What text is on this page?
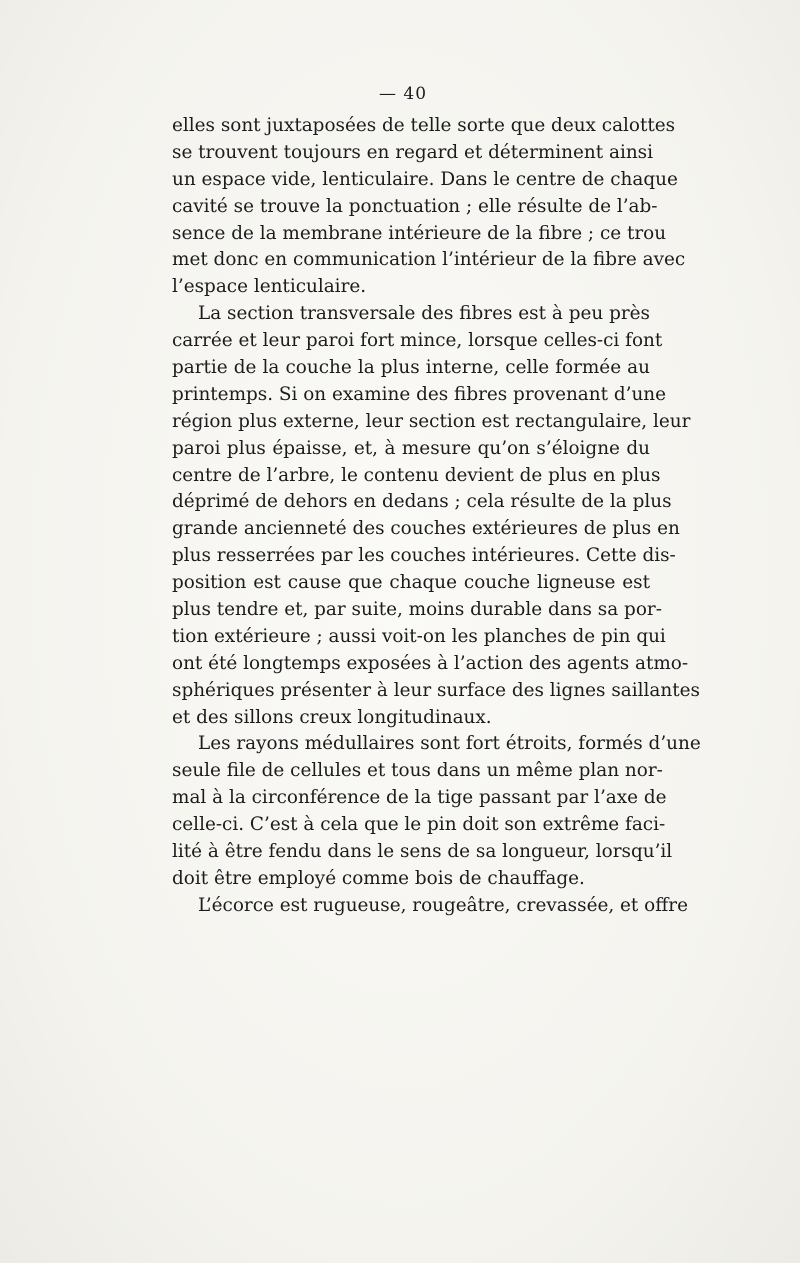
— 40
elles sont juxtaposées de telle sorte que deux calottes
se trouvent toujours en regard et déterminent ainsi
un espace vide, lenticulaire. Dans le centre de chaque
cavité se trouve la ponctuation ; elle résulte de l’ab-
sence de la membrane intérieure de la fibre ; ce trou
met donc en communication l’intérieur de la fibre avec
l’espace lenticulaire.
La section transversale des fibres est à peu près
carrée et leur paroi fort mince, lorsque celles-ci font
partie de la couche la plus interne, celle formée au
printemps. Si on examine des fibres provenant d’une
région plus externe, leur section est rectangulaire, leur
paroi plus épaisse, et, à mesure qu’on s’éloigne du
centre de l’arbre, le contenu devient de plus en plus
déprimé de dehors en dedans ; cela résulte de la plus
grande ancienneté des couches extérieures de plus en
plus resserrées par les couches intérieures. Cette dis-
position est cause que chaque couche ligneuse est
plus tendre et, par suite, moins durable dans sa por-
tion extérieure ; aussi voit-on les planches de pin qui
ont été longtemps exposées à l’action des agents atmo-
sphériques présenter à leur surface des lignes saillantes
et des sillons creux longitudinaux.
Les rayons médullaires sont fort étroits, formés d’une
seule file de cellules et tous dans un même plan nor-
mal à la circonférence de la tige passant par l’axe de
celle-ci. C’est à cela que le pin doit son extrême faci-
lité à être fendu dans le sens de sa longueur, lorsqu’il
doit être employé comme bois de chauffage.
L’écorce est rugueuse, rougeâtre, crevassée, et offre
